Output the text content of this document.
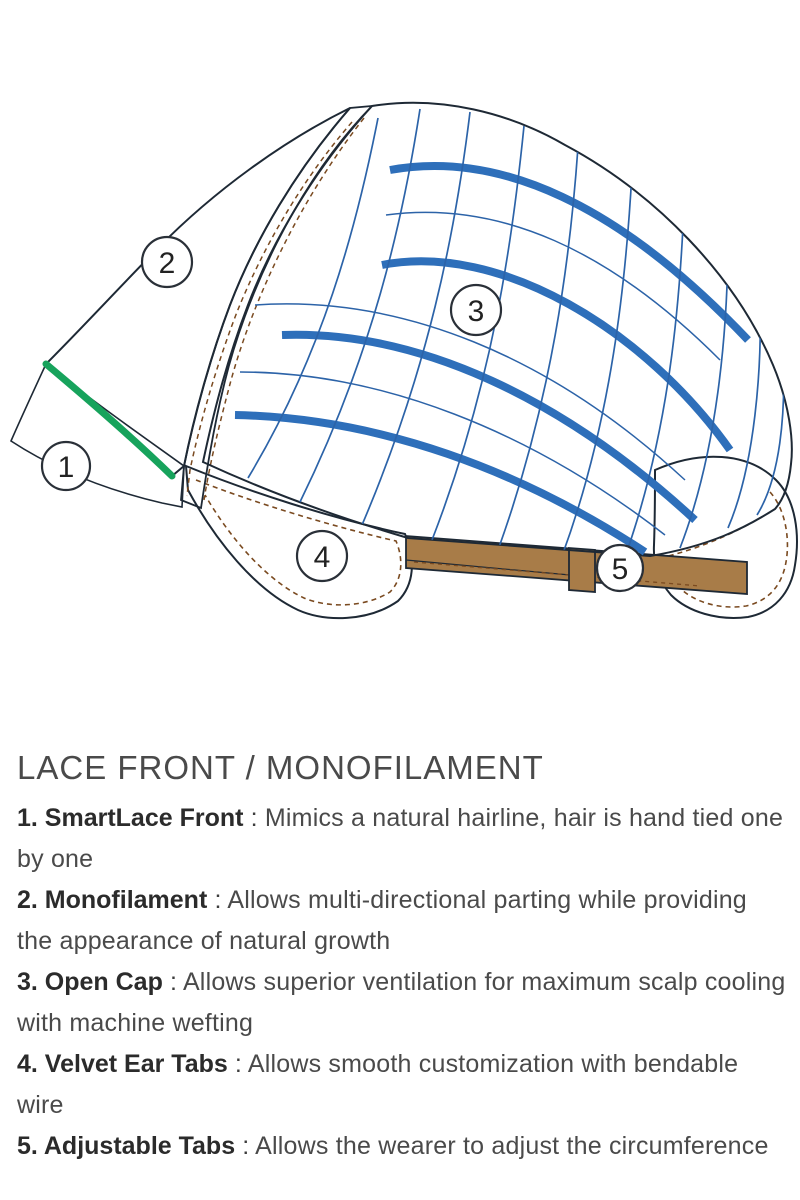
1
2
3
4	5
LACE FRONT / MONOFILAMENT

1. SmartLace Front : Mimics a natural hairline, hair is hand tied one by one

2. Monofilament : Allows multi-directional parting while providing the appearance of natural growth

3. Open Cap : Allows superior ventilation for maximum scalp cooling with machine wefting

4. Velvet Ear Tabs : Allows smooth customization with bendable wire

5. Adjustable Tabs : Allows the wearer to adjust the circumference
